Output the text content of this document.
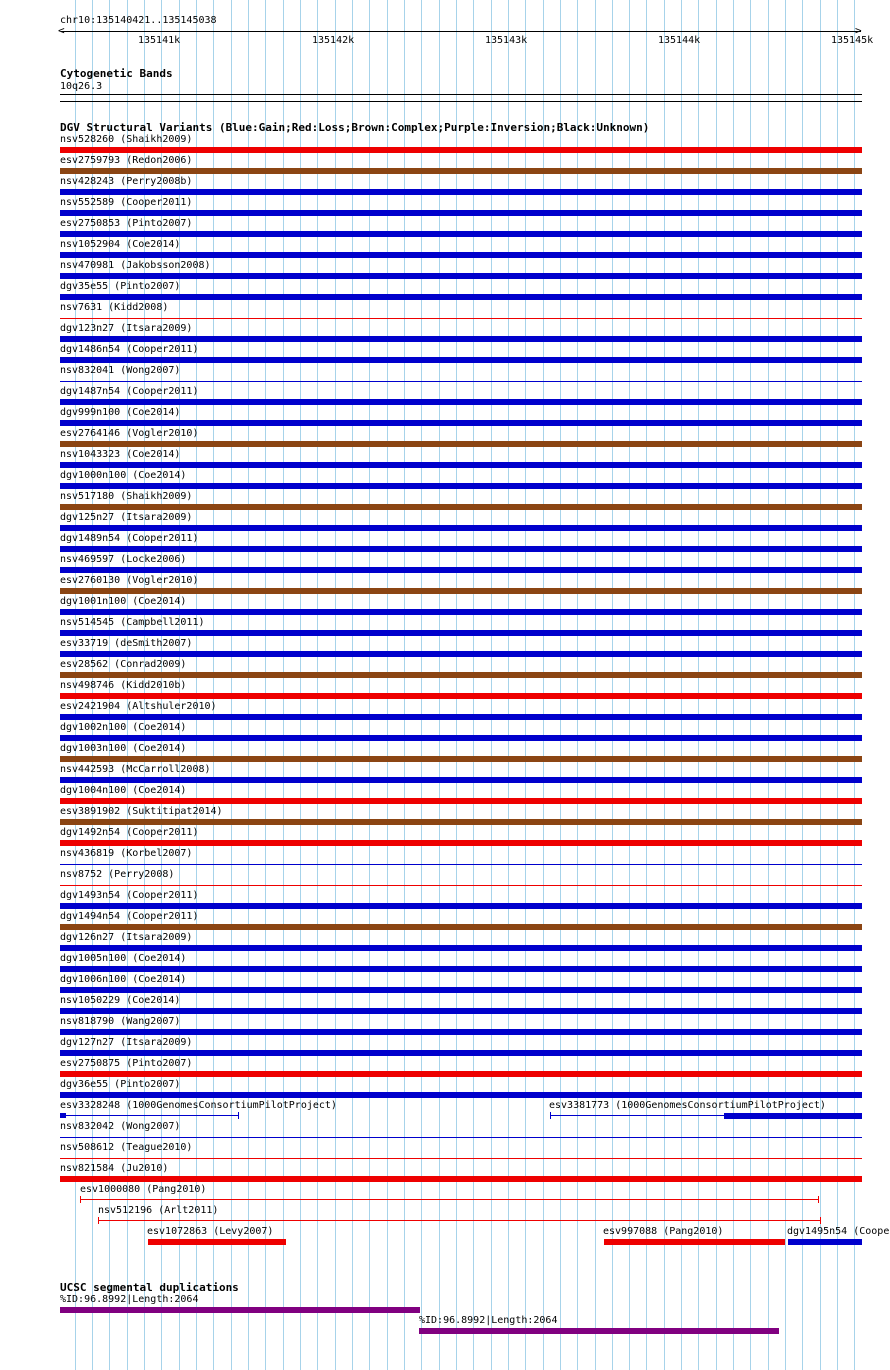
chr10:135140421..135145038
<	>
135141k	135142k	135143k	135144k	135145k
Cytogenetic Bands
10q26.3
DGV Structural Variants (Blue:Gain;Red:Loss;Brown:Complex;Purple:Inversion;Black:Unknown)
nsv528260 (Shaikh2009)
esv2759793 (Redon2006)
nsv428243 (Perry2008b)
nsv552589 (Cooper2011)
esv2750853 (Pinto2007)
nsv1052904 (Coe2014)
nsv470981 (Jakobsson2008)
dgv35e55 (Pinto2007)
nsv7631 (Kidd2008)
dgv123n27 (Itsara2009)
dgv1486n54 (Cooper2011)
nsv832041 (Wong2007)
dgv1487n54 (Cooper2011)
dgv999n100 (Coe2014)
esv2764146 (Vogler2010)
nsv1043323 (Coe2014)
dgv1000n100 (Coe2014)
nsv517180 (Shaikh2009)
dgv125n27 (Itsara2009)
dgv1489n54 (Cooper2011)
nsv469597 (Locke2006)
esv2760130 (Vogler2010)
dgv1001n100 (Coe2014)
nsv514545 (Campbell2011)
esv33719 (deSmith2007)
esv28562 (Conrad2009)
nsv498746 (Kidd2010b)
esv2421904 (Altshuler2010)
dgv1002n100 (Coe2014)
dgv1003n100 (Coe2014)
nsv442593 (McCarroll2008)
dgv1004n100 (Coe2014)
esv3891902 (Suktitipat2014)
dgv1492n54 (Cooper2011)
nsv436819 (Korbel2007)
nsv8752 (Perry2008)
dgv1493n54 (Cooper2011)
dgv1494n54 (Cooper2011)
dgv126n27 (Itsara2009)
dgv1005n100 (Coe2014)
dgv1006n100 (Coe2014)
nsv1050229 (Coe2014)
nsv818790 (Wang2007)
dgv127n27 (Itsara2009)
esv2750875 (Pinto2007)
dgv36e55 (Pinto2007)
esv3328248 (1000GenomesConsortiumPilotProject)	esv3381773 (1000GenomesConsortiumPilotProject)
nsv832042 (Wong2007)
nsv508612 (Teague2010)
nsv821584 (Ju2010)
esv1000080 (Pang2010)
nsv512196 (Arlt2011)
esv1072863 (Levy2007)	esv997088 (Pang2010)	dgv1495n54 (Coope
UCSC segmental duplications
%ID:96.8992|Length:2064
%ID:96.8992|Length:2064
